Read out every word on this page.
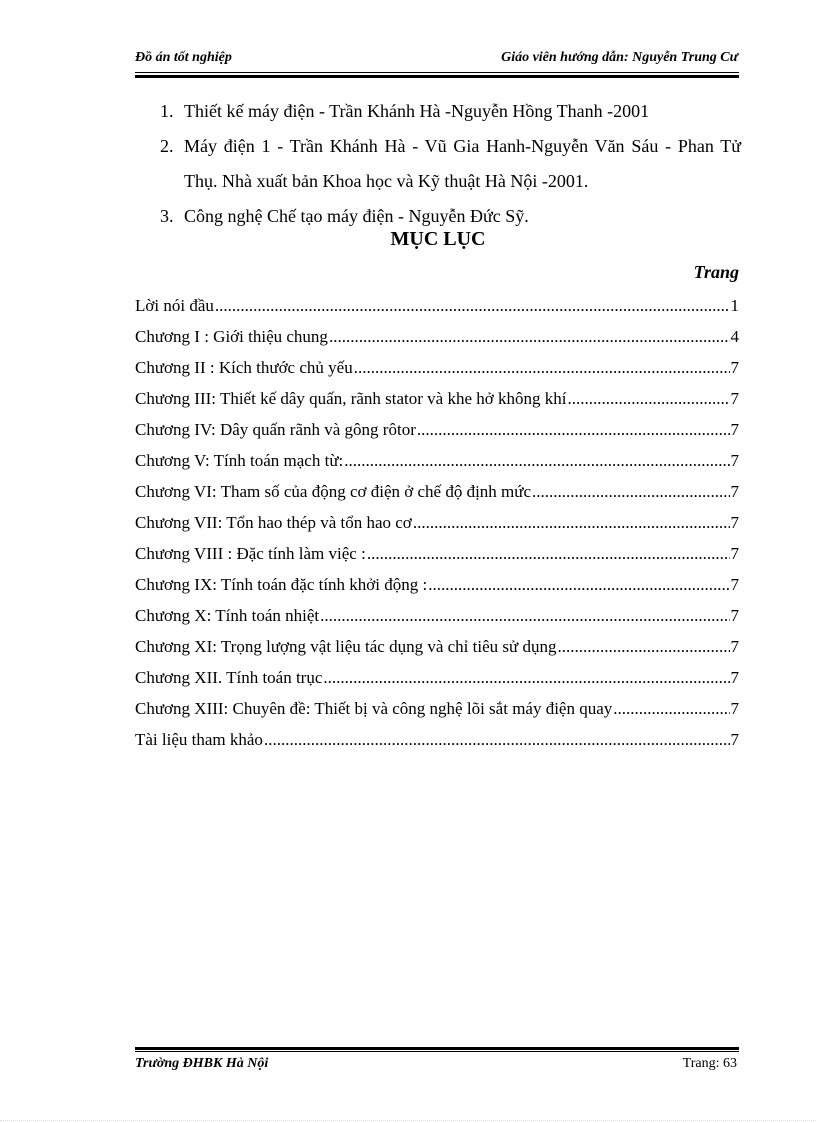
Đồ án tốt nghiệp	Giáo viên hướng dẫn: Nguyễn Trung Cư
1. Thiết kế máy điện - Trần Khánh Hà -Nguyễn Hồng Thanh -2001
2. Máy điện 1 - Trần Khánh Hà - Vũ Gia Hanh-Nguyễn Văn Sáu - Phan Tử Thụ. Nhà xuất bản Khoa học và Kỹ thuật Hà Nội -2001.
3. Công nghệ Chế tạo máy điện - Nguyễn Đức Sỹ.
MỤC LỤC
Trang
Lời nói đầu .....	1
Chương I : Giới thiệu chung .....	4
Chương II : Kích thước chủ yếu .....	7
Chương III: Thiết kế dây quấn, rãnh stator và khe hở không khí .....	7
Chương IV: Dây quấn rãnh và gông rôtor .....	7
Chương V: Tính toán mạch từ: .....	7
Chương VI: Tham số của động cơ điện ở chế độ định mức .....	7
Chương VII: Tổn hao thép và tổn hao cơ .....	7
Chương VIII : Đặc tính làm việc : .....	7
Chương IX: Tính toán đặc tính khởi động : .....	7
Chương X: Tính toán nhiệt .....	7
Chương XI: Trọng lượng vật liệu tác dụng và chỉ tiêu sử dụng .....	7
Chương XII. Tính toán trục .....	7
Chương XIII: Chuyên đề: Thiết bị và công nghệ lõi sắt máy điện quay .....	7
Tài liệu tham khảo .....	7
Trường ĐHBK Hà Nội	Trang: 63
